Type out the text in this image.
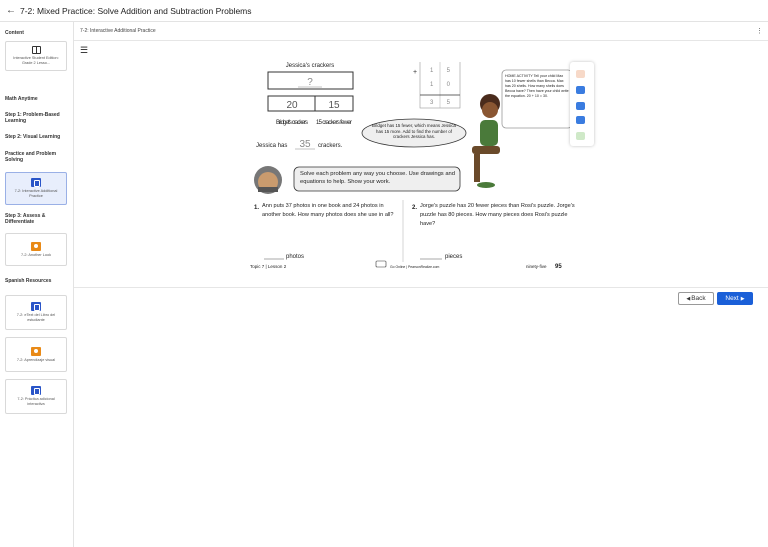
← 7-2: Mixed Practice: Solve Addition and Subtraction Problems
Content
Interactive Student Edition: Grade 2 Lesso...
Math Anytime
Step 1: Problem-Based Learning
Step 2: Visual Learning
Practice and Problem Solving
7-2: Interactive Additional Practice
Step 3: Assess & Differentiate
7-2: Another Look
Spanish Resources
7-2: eText del Libro del estudiante
7-2: Aprendizaje visual
7-2: Práctica adicional interactiva
7-2: Interactive Additional Practice	⋮
☰
Jessica's crackers
?
20	15
Bridget's crackers 15 crackers fewer
Jessica has 35 crackers.
1 5
1 0
+
3 5
Bridget has 15 fewer, which means Jessica has 15 more. Add to find the number of crackers Jessica has.
HOME ACTIVITY Tell your child Max has 10 fewer shells than Becca. Max has 20 shells. How many shells does Becca have? Then have your child write the equation. 20 + 10 = 30.
Solve each problem any way you choose. Use drawings and equations to help. Show your work.
1. Ann puts 37 photos in one book and 24 photos in another book. How many photos does she use in all?
2. Jorge's puzzle has 20 fewer pieces than Rosi's puzzle. Jorge's puzzle has 80 pieces. How many pieces does Rosi's puzzle have?
photos	pieces
Topic 7 | Lesson 2	Go Online | PearsonRealize.com	ninety-five 95
◀ Back	Next ▶
